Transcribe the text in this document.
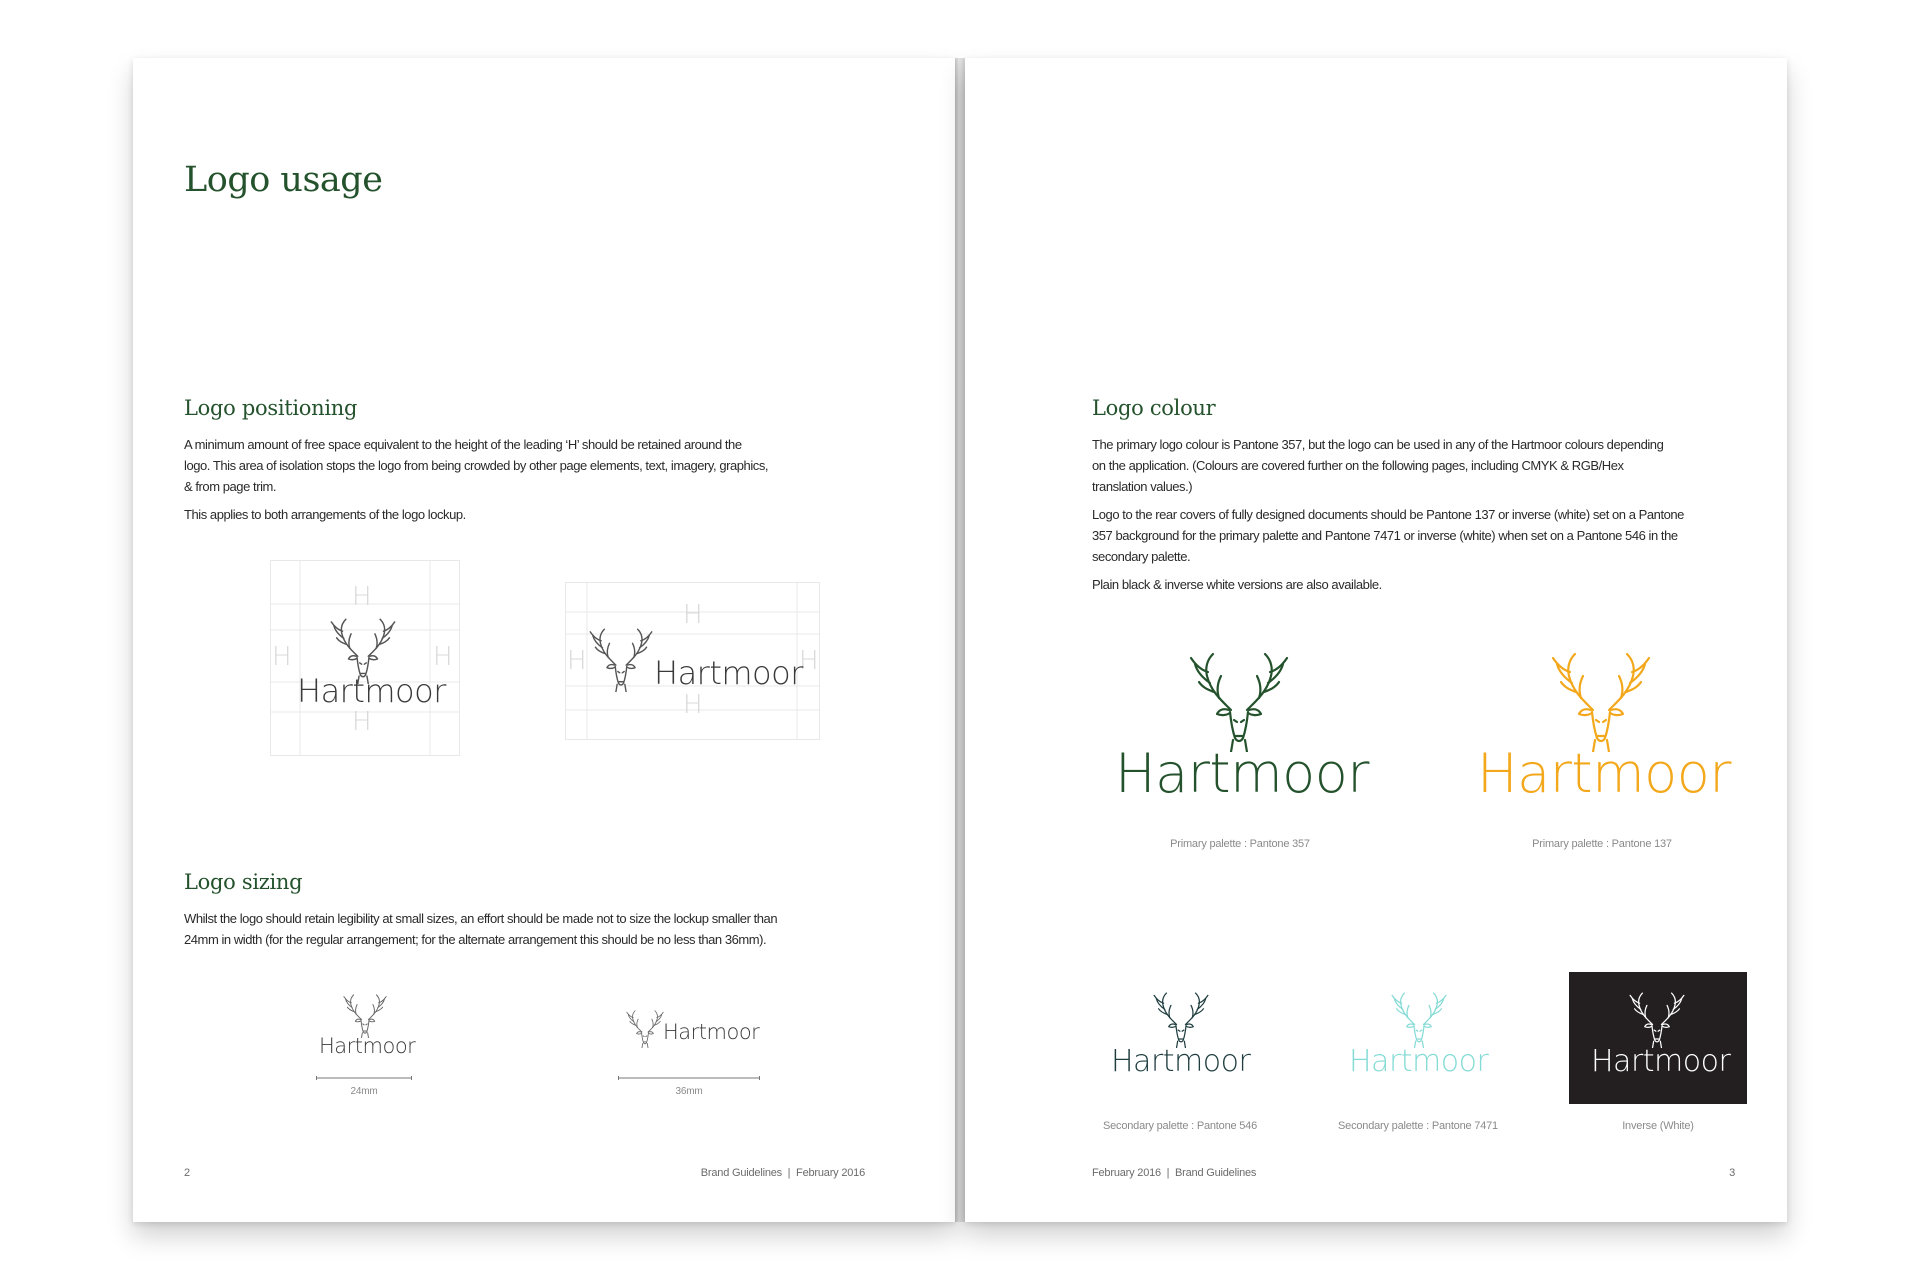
Logo usage
Logo positioning
A minimum amount of free space equivalent to the height of the leading ‘H’ should be retained around the
logo. This area of isolation stops the logo from being crowded by other page elements, text, imagery, graphics,
& from page trim.
This applies to both arrangements of the logo lockup.
H
H
H	H
Hartmoor
H
H
H	H
Hartmoor
Logo sizing
Whilst the logo should retain legibility at small sizes, an effort should be made not to size the lockup smaller than
24mm in width (for the regular arrangement; for the alternate arrangement this should be no less than 36mm).
Hartmoor
24mm
Hartmoor
36mm
2	Brand Guidelines  |  February 2016
Logo colour
The primary logo colour is Pantone 357, but the logo can be used in any of the Hartmoor colours depending
on the application. (Colours are covered further on the following pages, including CMYK & RGB/Hex
translation values.)
Logo to the rear covers of fully designed documents should be Pantone 137 or inverse (white) set on a Pantone
357 background for the primary palette and Pantone 7471 or inverse (white) when set on a Pantone 546 in the
secondary palette.
Plain black & inverse white versions are also available.
Hartmoor
Primary palette : Pantone 357
Hartmoor
Primary palette : Pantone 137
Hartmoor
Secondary palette : Pantone 546
Hartmoor
Secondary palette : Pantone 7471
Hartmoor
Inverse (White)
February 2016  |  Brand Guidelines	3
